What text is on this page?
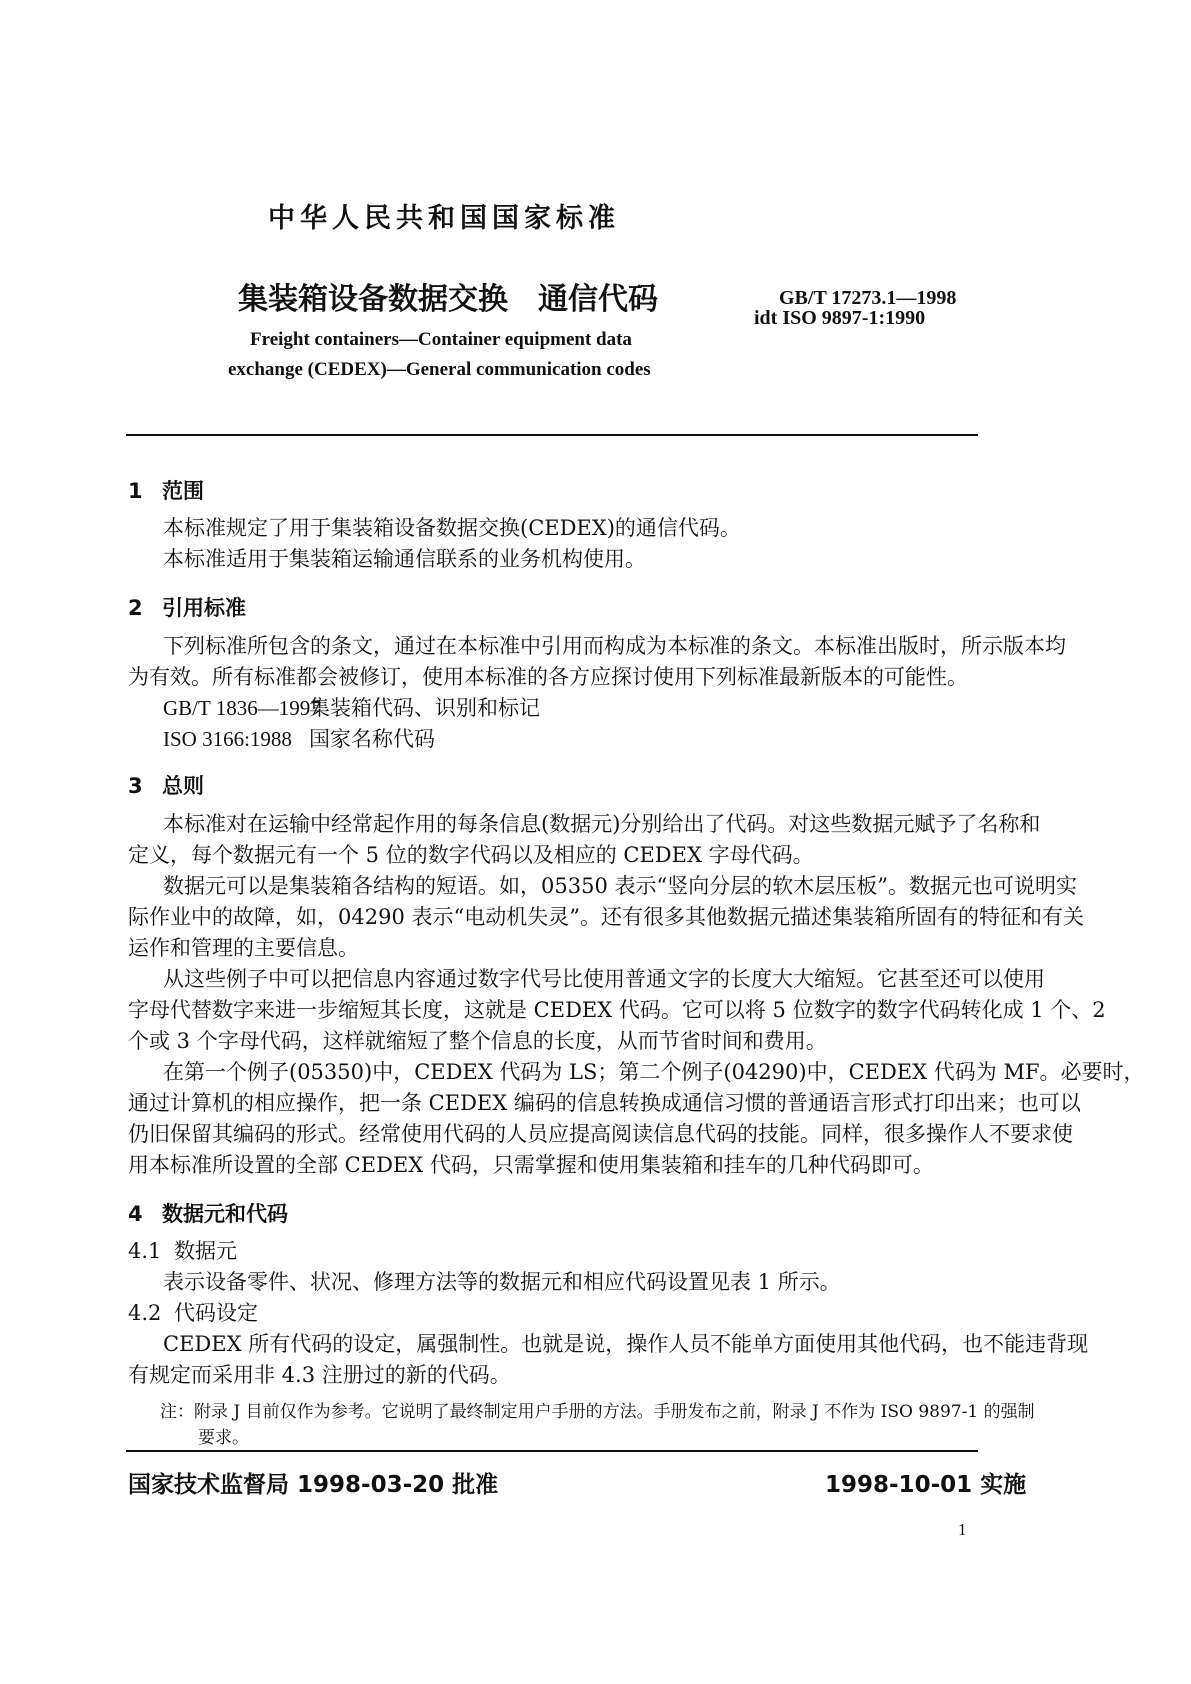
中华人民共和国国家标准
集装箱设备数据交换　通信代码	GB/T 17273.1—1998
idt ISO 9897-1:1990
Freight containers—Container equipment data
exchange (CEDEX)—General communication codes
1 范围
本标准规定了用于集装箱设备数据交换(CEDEX)的通信代码。
本标准适用于集装箱运输通信联系的业务机构使用。
2 引用标准
下列标准所包含的条文，通过在本标准中引用而构成为本标准的条文。本标准出版时，所示版本均
为有效。所有标准都会被修订，使用本标准的各方应探讨使用下列标准最新版本的可能性。
GB/T 1836—1997集装箱代码、识别和标记
ISO 3166:1988 国家名称代码
3 总则
本标准对在运输中经常起作用的每条信息(数据元)分别给出了代码。对这些数据元赋予了名称和
定义，每个数据元有一个 5 位的数字代码以及相应的 CEDEX 字母代码。
数据元可以是集装箱各结构的短语。如，05350 表示“竖向分层的软木层压板”。数据元也可说明实
际作业中的故障，如，04290 表示“电动机失灵”。还有很多其他数据元描述集装箱所固有的特征和有关
运作和管理的主要信息。
从这些例子中可以把信息内容通过数字代号比使用普通文字的长度大大缩短。它甚至还可以使用
字母代替数字来进一步缩短其长度，这就是 CEDEX 代码。它可以将 5 位数字的数字代码转化成 1 个、2
个或 3 个字母代码，这样就缩短了整个信息的长度，从而节省时间和费用。
在第一个例子(05350)中，CEDEX 代码为 LS；第二个例子(04290)中，CEDEX 代码为 MF。必要时，
通过计算机的相应操作，把一条 CEDEX 编码的信息转换成通信习惯的普通语言形式打印出来；也可以
仍旧保留其编码的形式。经常使用代码的人员应提高阅读信息代码的技能。同样，很多操作人不要求使
用本标准所设置的全部 CEDEX 代码，只需掌握和使用集装箱和挂车的几种代码即可。
4 数据元和代码
4.1 数据元
表示设备零件、状况、修理方法等的数据元和相应代码设置见表 1 所示。
4.2 代码设定
CEDEX 所有代码的设定，属强制性。也就是说，操作人员不能单方面使用其他代码，也不能违背现
有规定而采用非 4.3 注册过的新的代码。
注：附录 J 目前仅作为参考。它说明了最终制定用户手册的方法。手册发布之前，附录 J 不作为 ISO 9897-1 的强制
要求。
国家技术监督局 1998-03-20 批准	1998-10-01 实施
1
